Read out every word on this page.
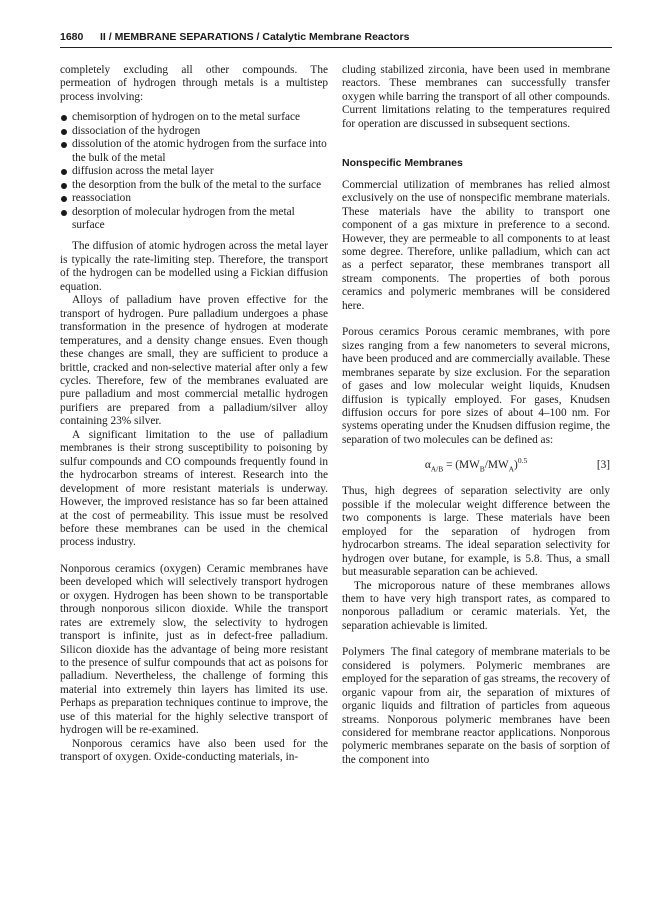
1680 II / MEMBRANE SEPARATIONS / Catalytic Membrane Reactors

completely excluding all other compounds. The permeation of hydrogen through metals is a multistep process involving:

chemisorption of hydrogen on to the metal surface
dissociation of the hydrogen
dissolution of the atomic hydrogen from the surface into the bulk of the metal
diffusion across the metal layer
the desorption from the bulk of the metal to the surface
reassociation
desorption of molecular hydrogen from the metal surface

The diffusion of atomic hydrogen across the metal layer is typically the rate-limiting step. Therefore, the transport of the hydrogen can be modelled using a Fickian diffusion equation.

Alloys of palladium have proven effective for the transport of hydrogen. Pure palladium undergoes a phase transformation in the presence of hydrogen at moderate temperatures, and a density change ensues. Even though these changes are small, they are sufficient to produce a brittle, cracked and non-selective material after only a few cycles. Therefore, few of the membranes evaluated are pure palladium and most commercial metallic hydrogen purifiers are prepared from a palladium/silver alloy containing 23% silver.

A significant limitation to the use of palladium membranes is their strong susceptibility to poisoning by sulfur compounds and CO compounds frequently found in the hydrocarbon streams of interest. Research into the development of more resistant materials is underway. However, the improved resistance has so far been attained at the cost of permeability. This issue must be resolved before these membranes can be used in the chemical process industry.

Nonporous ceramics (oxygen) Ceramic membranes have been developed which will selectively transport hydrogen or oxygen. Hydrogen has been shown to be transportable through nonporous silicon dioxide. While the transport rates are extremely slow, the selectivity to hydrogen transport is infinite, just as in defect-free palladium. Silicon dioxide has the advantage of being more resistant to the presence of sulfur compounds that act as poisons for palladium. Nevertheless, the challenge of forming this material into extremely thin layers has limited its use. Perhaps as preparation techniques continue to improve, the use of this material for the highly selective transport of hydrogen will be re-examined.

Nonporous ceramics have also been used for the transport of oxygen. Oxide-conducting materials, in-

cluding stabilized zirconia, have been used in membrane reactors. These membranes can successfully transfer oxygen while barring the transport of all other compounds. Current limitations relating to the temperatures required for operation are discussed in subsequent sections.

Nonspecific Membranes

Commercial utilization of membranes has relied almost exclusively on the use of nonspecific membrane materials. These materials have the ability to transport one component of a gas mixture in preference to a second. However, they are permeable to all components to at least some degree. Therefore, unlike palladium, which can act as a perfect separator, these membranes transport all stream components. The properties of both porous ceramics and polymeric membranes will be considered here.

Porous ceramics Porous ceramic membranes, with pore sizes ranging from a few nanometers to several microns, have been produced and are commercially available. These membranes separate by size exclusion. For the separation of gases and low molecular weight liquids, Knudsen diffusion is typically employed. For gases, Knudsen diffusion occurs for pore sizes of about 4–100 nm. For systems operating under the Knudsen diffusion regime, the separation of two molecules can be defined as:

$\alpha_{A/B} = (MW_B/MW_A)^{0.5}$	[3]

Thus, high degrees of separation selectivity are only possible if the molecular weight difference between the two components is large. These materials have been employed for the separation of hydrogen from hydrocarbon streams. The ideal separation selectivity for hydrogen over butane, for example, is 5.8. Thus, a small but measurable separation can be achieved.

The microporous nature of these membranes allows them to have very high transport rates, as compared to nonporous palladium or ceramic materials. Yet, the separation achievable is limited.

Polymers The final category of membrane materials to be considered is polymers. Polymeric membranes are employed for the separation of gas streams, the recovery of organic vapour from air, the separation of mixtures of organic liquids and filtration of particles from aqueous streams. Nonporous polymeric membranes have been considered for membrane reactor applications. Nonporous polymeric membranes separate on the basis of sorption of the component into
